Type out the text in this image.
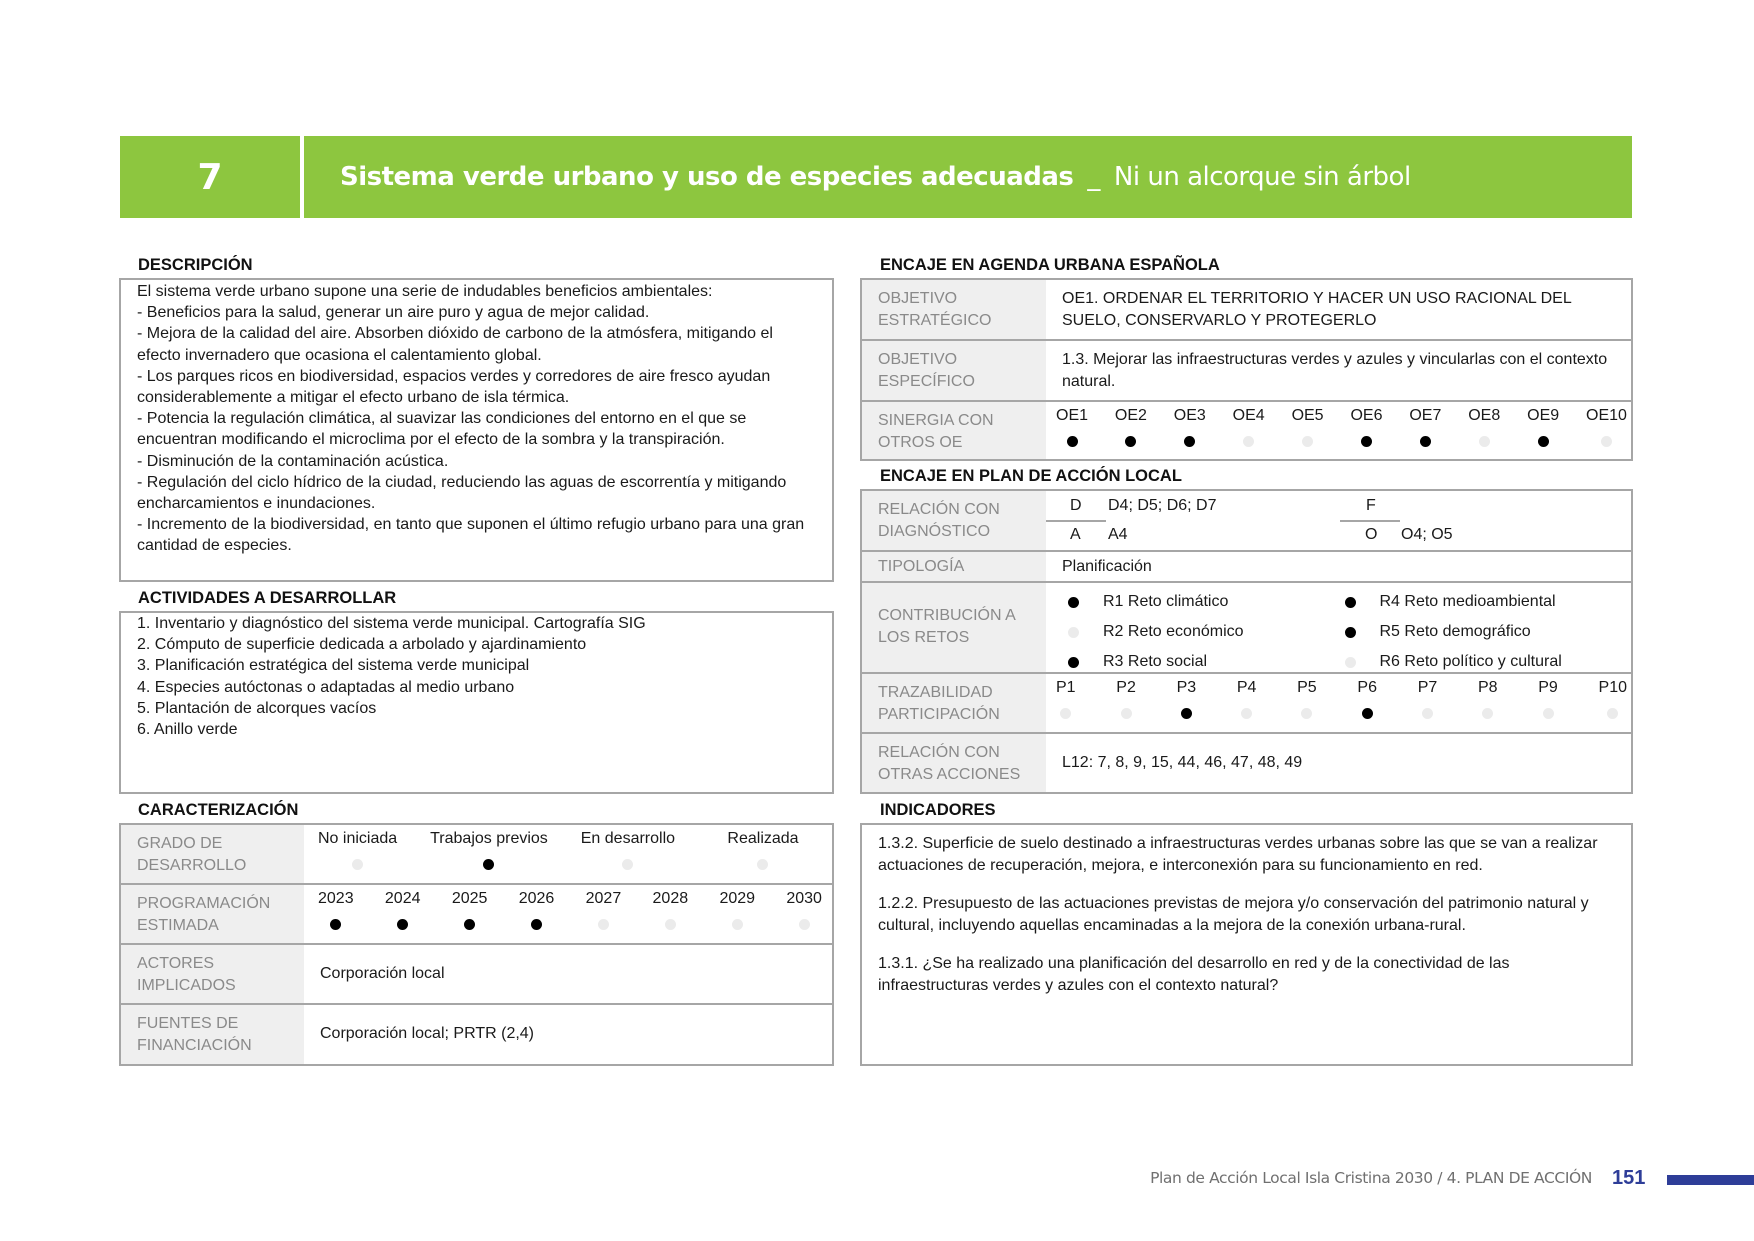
7	Sistema verde urbano y uso de especies adecuadas _ Ni un alcorque sin árbol
DESCRIPCIÓN
El sistema verde urbano supone una serie de indudables beneficios ambientales:
- Beneficios para la salud, generar un aire puro y agua de mejor calidad.
- Mejora de la calidad del aire. Absorben dióxido de carbono de la atmósfera, mitigando el efecto invernadero que ocasiona el calentamiento global.
- Los parques ricos en biodiversidad, espacios verdes y corredores de aire fresco ayudan considerablemente a mitigar el efecto urbano de isla térmica.
- Potencia la regulación climática, al suavizar las condiciones del entorno en el que se encuentran modificando el microclima por el efecto de la sombra y la transpiración.
- Disminución de la contaminación acústica.
- Regulación del ciclo hídrico de la ciudad, reduciendo las aguas de escorrentía y mitigando encharcamientos e inundaciones.
- Incremento de la biodiversidad, en tanto que suponen el último refugio urbano para una gran cantidad de especies.
ACTIVIDADES A DESARROLLAR
1. Inventario y diagnóstico del sistema verde municipal. Cartografía SIG
2. Cómputo de superficie dedicada a arbolado y ajardinamiento
3. Planificación estratégica del sistema verde municipal
4. Especies autóctonas o adaptadas al medio urbano
5. Plantación de alcorques vacíos
6. Anillo verde
CARACTERIZACIÓN
GRADO DE DESARROLLO
No iniciada Trabajos previos En desarrollo	Realizada
PROGRAMACIÓN ESTIMADA
2023 2024 2025 2026 2027 2028 2029 2030
ACTORES IMPLICADOS
Corporación local
FUENTES DE FINANCIACIÓN
Corporación local; PRTR (2,4)
ENCAJE EN AGENDA URBANA ESPAÑOLA
OBJETIVO ESTRATÉGICO
OE1. ORDENAR EL TERRITORIO Y HACER UN USO RACIONAL DEL SUELO, CONSERVARLO Y PROTEGERLO
OBJETIVO ESPECÍFICO
1.3. Mejorar las infraestructuras verdes y azules y vincularlas con el contexto natural.
SINERGIA CON OTROS OE
OE1 OE2 OE3 OE4 OE5 OE6 OE7 OE8 OE9 OE10
ENCAJE EN PLAN DE ACCIÓN LOCAL
RELACIÓN CON DIAGNÓSTICO
D D4; D5; D6; D7
A A4
F
O O4; O5
TIPOLOGÍA	Planificación
CONTRIBUCIÓN A LOS RETOS
R1 Reto climático	R4 Reto medioambiental
R2 Reto económico	R5 Reto demográfico
R3 Reto social	R6 Reto político y cultural
TRAZABILIDAD PARTICIPACIÓN
P1	P2	P3	P4	P5	P6	P7	P8	P9	P10
RELACIÓN CON OTRAS ACCIONES
L12: 7, 8, 9, 15, 44, 46, 47, 48, 49
INDICADORES

1.3.2. Superficie de suelo destinado a infraestructuras verdes urbanas sobre las que se van a realizar actuaciones de recuperación, mejora, e interconexión para su funcionamiento en red.

1.2.2. Presupuesto de las actuaciones previstas de mejora y/o conservación del patrimonio natural y cultural, incluyendo aquellas encaminadas a la mejora de la conexión urbana-rural.

1.3.1. ¿Se ha realizado una planificación del desarrollo en red y de la conectividad de las infraestructuras verdes y azules con el contexto natural?

Plan de Acción Local Isla Cristina 2030 / 4. PLAN DE ACCIÓN 151
